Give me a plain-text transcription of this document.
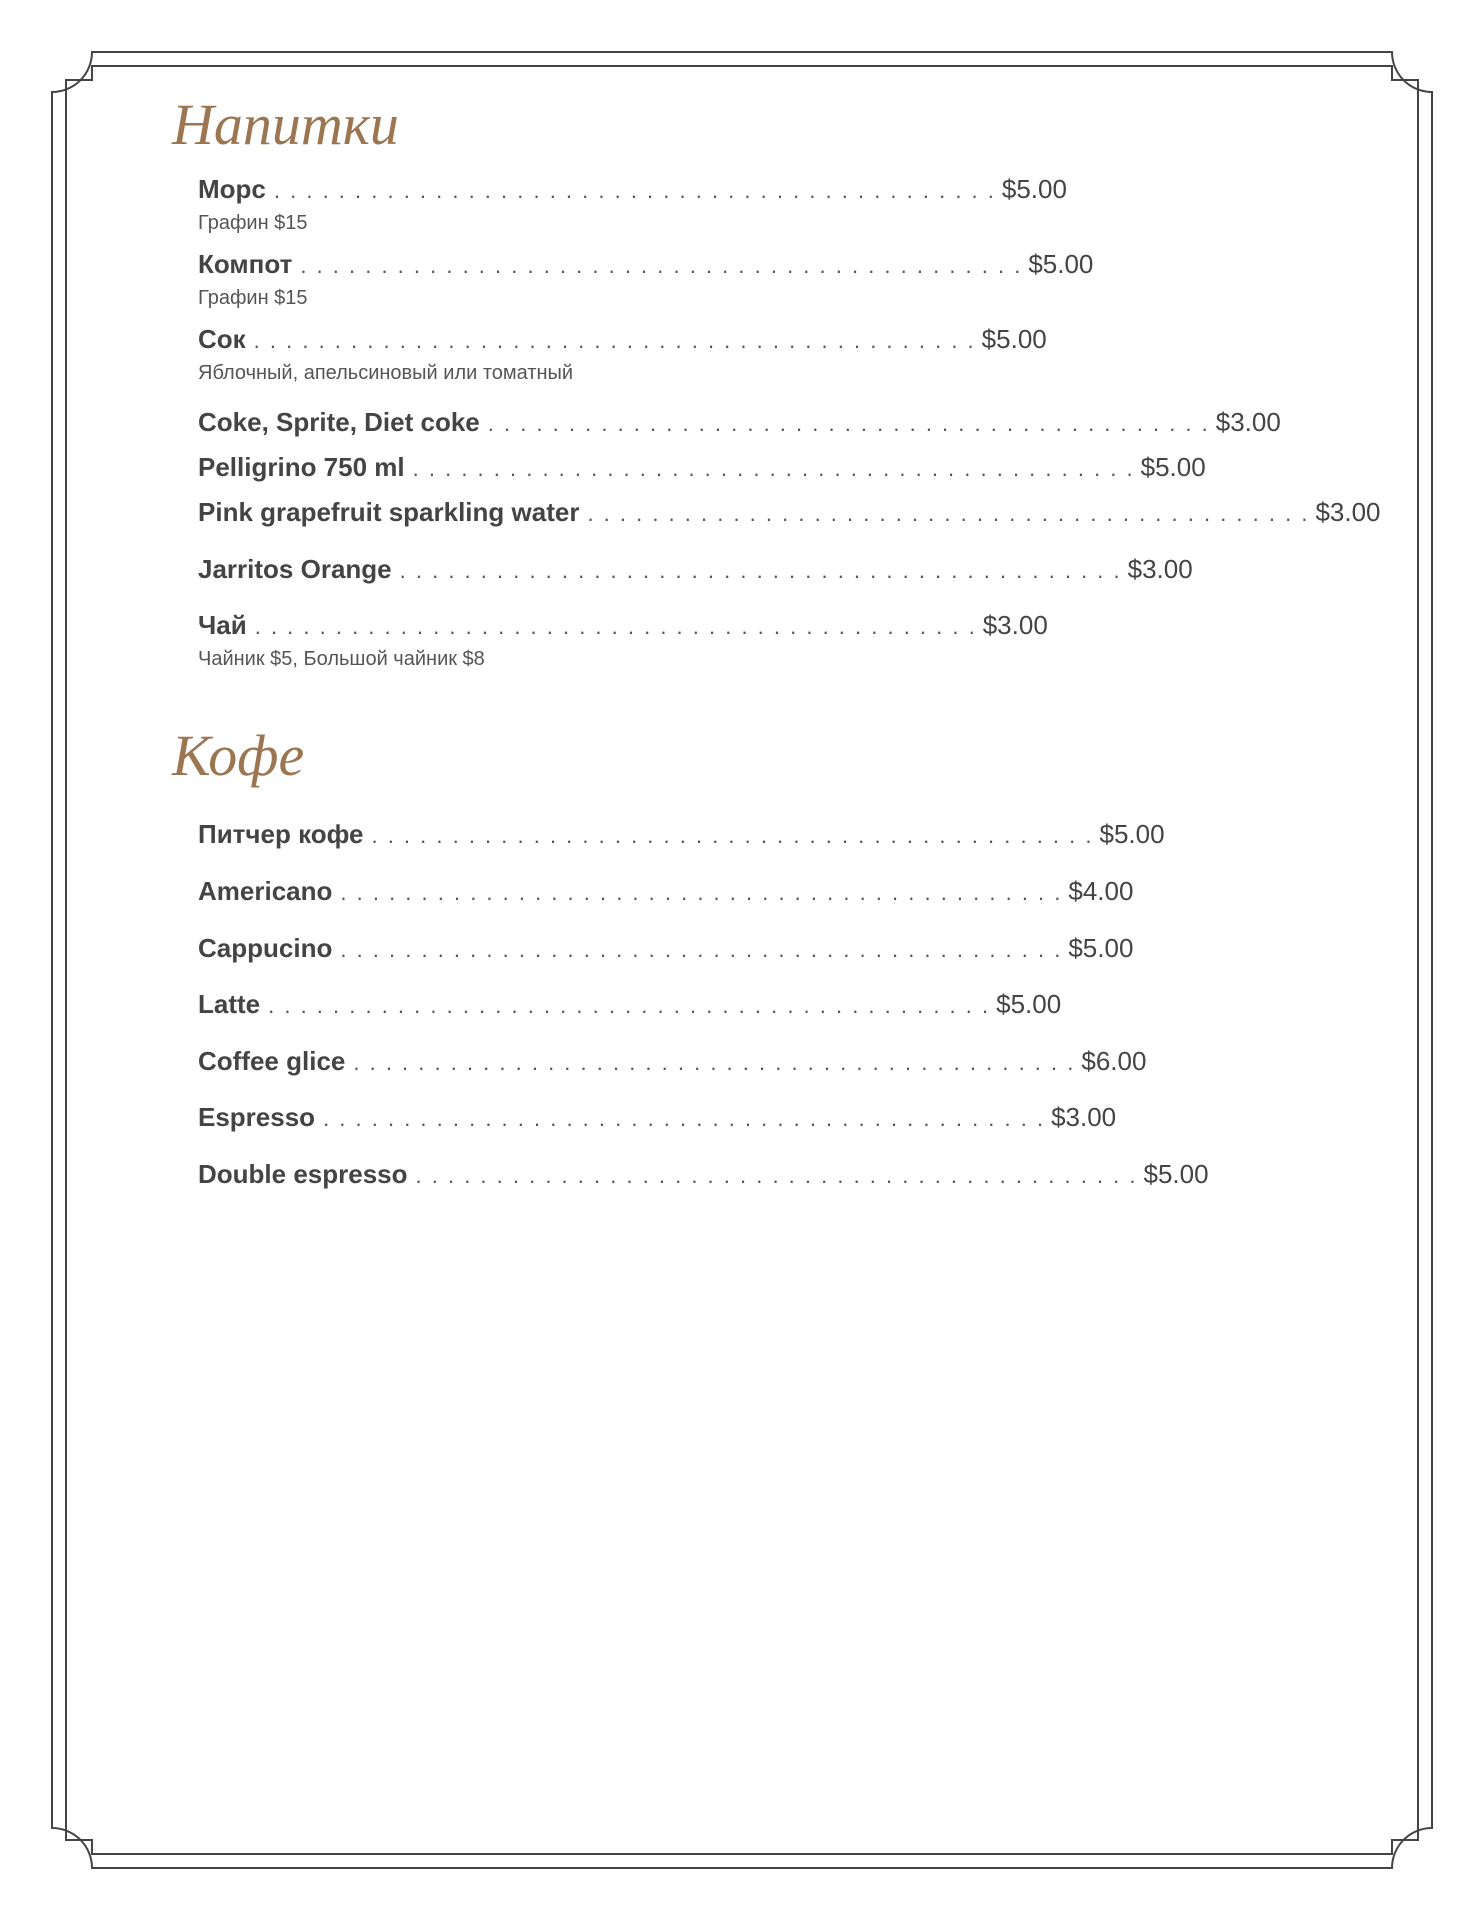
Напитки
Морс . . . . . . . . . . . . . . . . . . . . . . . . . . . . . . . . . . . . . . . . . . . . . $5.00
Графин $15
Компот . . . . . . . . . . . . . . . . . . . . . . . . . . . . . . . . . . . . . . . . . . . . . $5.00
Графин $15
Сок . . . . . . . . . . . . . . . . . . . . . . . . . . . . . . . . . . . . . . . . . . . . . $5.00
Яблочный, апельсиновый или томатный
Coke, Sprite, Diet coke . . . . . . . . . . . . . . . . . . . . . . . . . . . . . . . . . . . . . . . . . . . . . $3.00
Pelligrino 750 ml . . . . . . . . . . . . . . . . . . . . . . . . . . . . . . . . . . . . . . . . . . . . . $5.00
Pink grapefruit sparkling water . . . . . . . . . . . . . . . . . . . . . . . . . . . . . . . . . . . . . . . . . . . . . $3.00
Jarritos Orange . . . . . . . . . . . . . . . . . . . . . . . . . . . . . . . . . . . . . . . . . . . . . $3.00
Чай . . . . . . . . . . . . . . . . . . . . . . . . . . . . . . . . . . . . . . . . . . . . . $3.00
Чайник $5, Большой чайник $8
Кофе
Питчер кофе . . . . . . . . . . . . . . . . . . . . . . . . . . . . . . . . . . . . . . . . . . . . . $5.00
Americano . . . . . . . . . . . . . . . . . . . . . . . . . . . . . . . . . . . . . . . . . . . . . $4.00
Cappucino . . . . . . . . . . . . . . . . . . . . . . . . . . . . . . . . . . . . . . . . . . . . . $5.00
Latte . . . . . . . . . . . . . . . . . . . . . . . . . . . . . . . . . . . . . . . . . . . . . $5.00
Coffee glice . . . . . . . . . . . . . . . . . . . . . . . . . . . . . . . . . . . . . . . . . . . . . $6.00
Espresso . . . . . . . . . . . . . . . . . . . . . . . . . . . . . . . . . . . . . . . . . . . . . $3.00
Double espresso . . . . . . . . . . . . . . . . . . . . . . . . . . . . . . . . . . . . . . . . . . . . . $5.00
